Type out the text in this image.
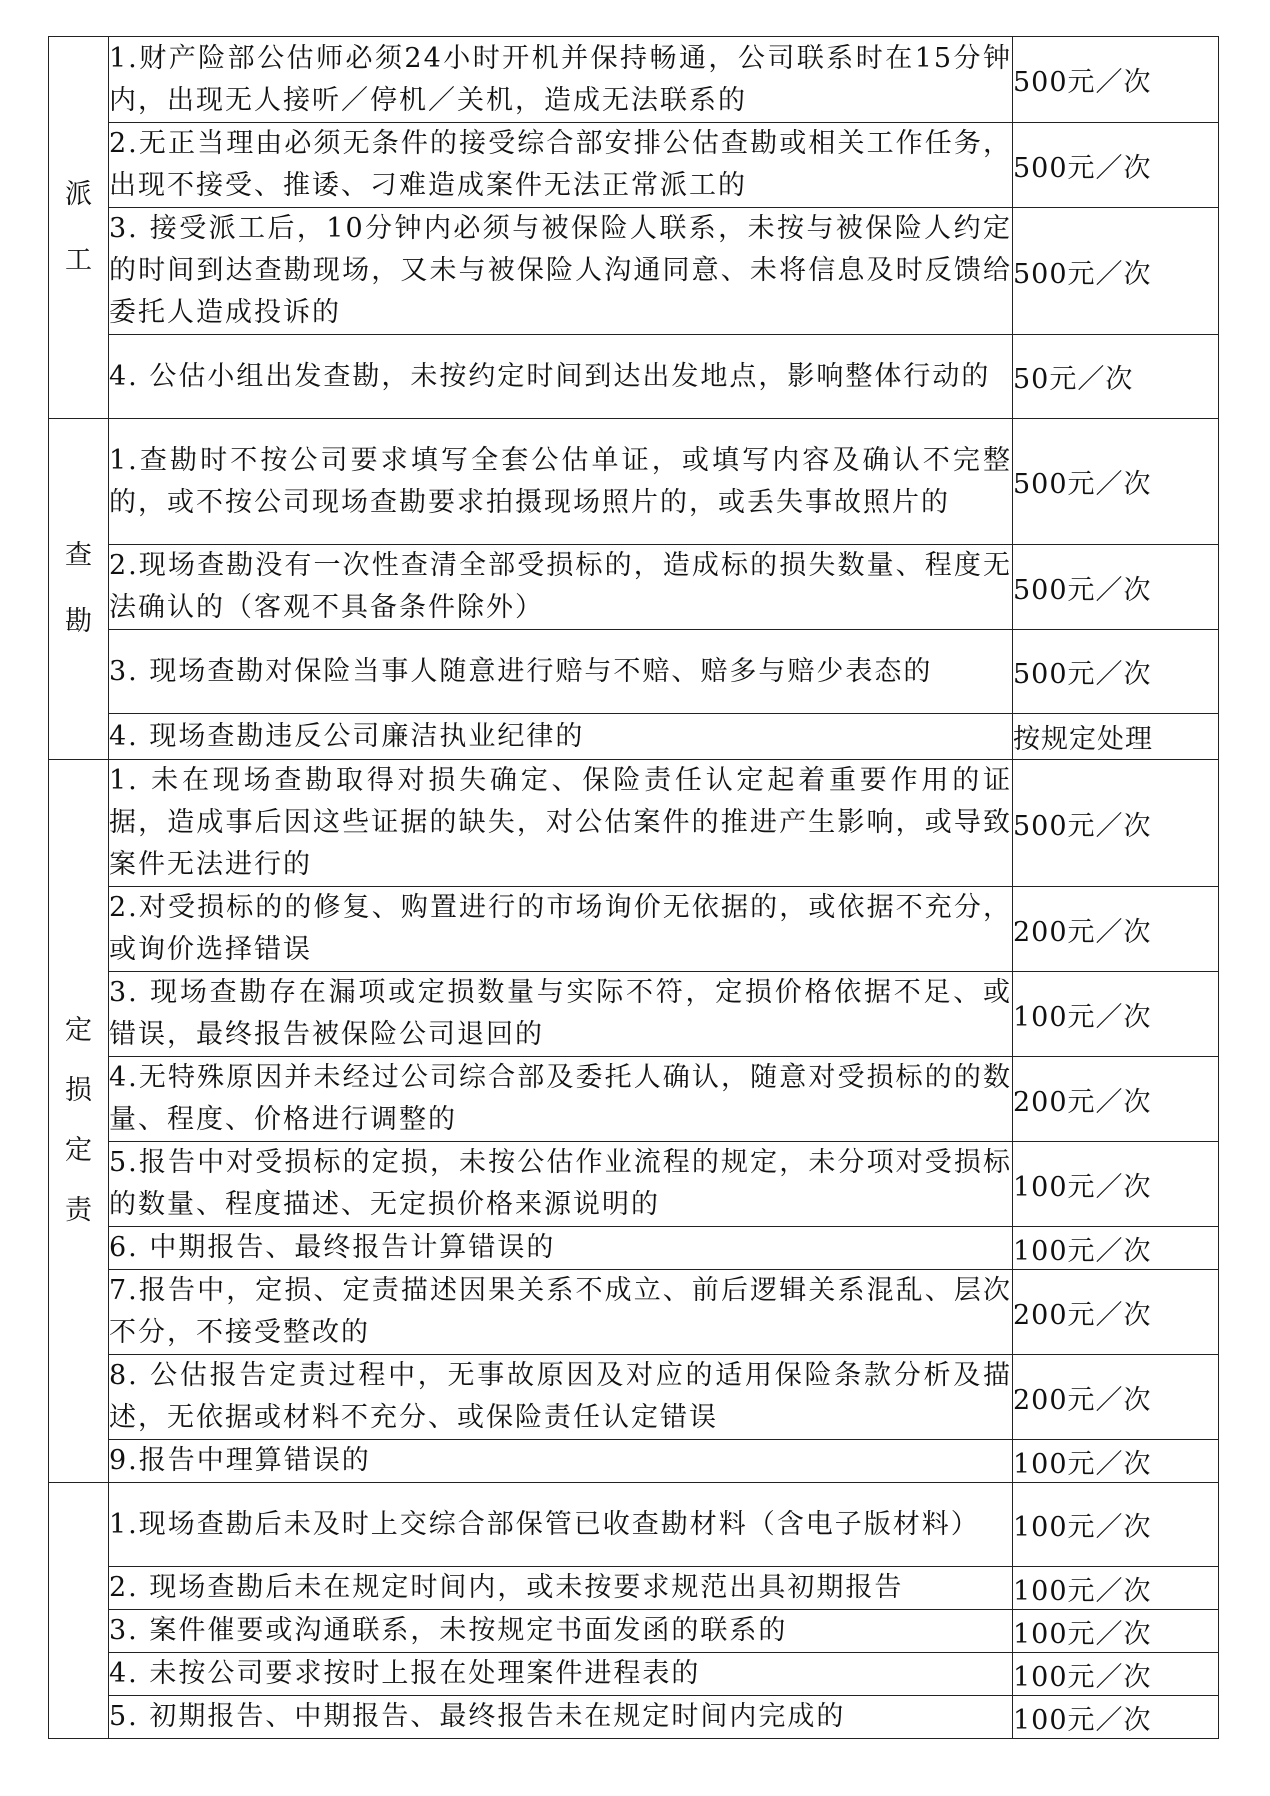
派工	1.财产险部公估师必须24小时开机并保持畅通，公司联系时在15分钟内，出现无人接听／停机／关机，造成无法联系的	500元／次
	2.无正当理由必须无条件的接受综合部安排公估查勘或相关工作任务，出现不接受、推诿、刁难造成案件无法正常派工的	500元／次
	3. 接受派工后，10分钟内必须与被保险人联系，未按与被保险人约定的时间到达查勘现场，又未与被保险人沟通同意、未将信息及时反馈给委托人造成投诉的	500元／次
	4. 公估小组出发查勘，未按约定时间到达出发地点，影响整体行动的	50元／次
查勘	1.查勘时不按公司要求填写全套公估单证，或填写内容及确认不完整的，或不按公司现场查勘要求拍摄现场照片的，或丢失事故照片的	500元／次
	2.现场查勘没有一次性查清全部受损标的，造成标的损失数量、程度无法确认的（客观不具备条件除外）	500元／次
	3. 现场查勘对保险当事人随意进行赔与不赔、赔多与赔少表态的	500元／次
	4. 现场查勘违反公司廉洁执业纪律的	按规定处理
定损定责	1. 未在现场查勘取得对损失确定、保险责任认定起着重要作用的证据，造成事后因这些证据的缺失，对公估案件的推进产生影响，或导致案件无法进行的	500元／次
	2.对受损标的的修复、购置进行的市场询价无依据的，或依据不充分，或询价选择错误	200元／次
	3. 现场查勘存在漏项或定损数量与实际不符，定损价格依据不足、或错误，最终报告被保险公司退回的	100元／次
	4.无特殊原因并未经过公司综合部及委托人确认，随意对受损标的的数量、程度、价格进行调整的	200元／次
	5.报告中对受损标的定损，未按公估作业流程的规定，未分项对受损标的数量、程度描述、无定损价格来源说明的	100元／次
	6. 中期报告、最终报告计算错误的	100元／次
	7.报告中，定损、定责描述因果关系不成立、前后逻辑关系混乱、层次不分，不接受整改的	200元／次
	8. 公估报告定责过程中，无事故原因及对应的适用保险条款分析及描述，无依据或材料不充分、或保险责任认定错误	200元／次
	9.报告中理算错误的	100元／次
	1.现场查勘后未及时上交综合部保管已收查勘材料（含电子版材料）	100元／次
	2. 现场查勘后未在规定时间内，或未按要求规范出具初期报告	100元／次
	3. 案件催要或沟通联系，未按规定书面发函的联系的	100元／次
	4. 未按公司要求按时上报在处理案件进程表的	100元／次
	5. 初期报告、中期报告、最终报告未在规定时间内完成的	100元／次
